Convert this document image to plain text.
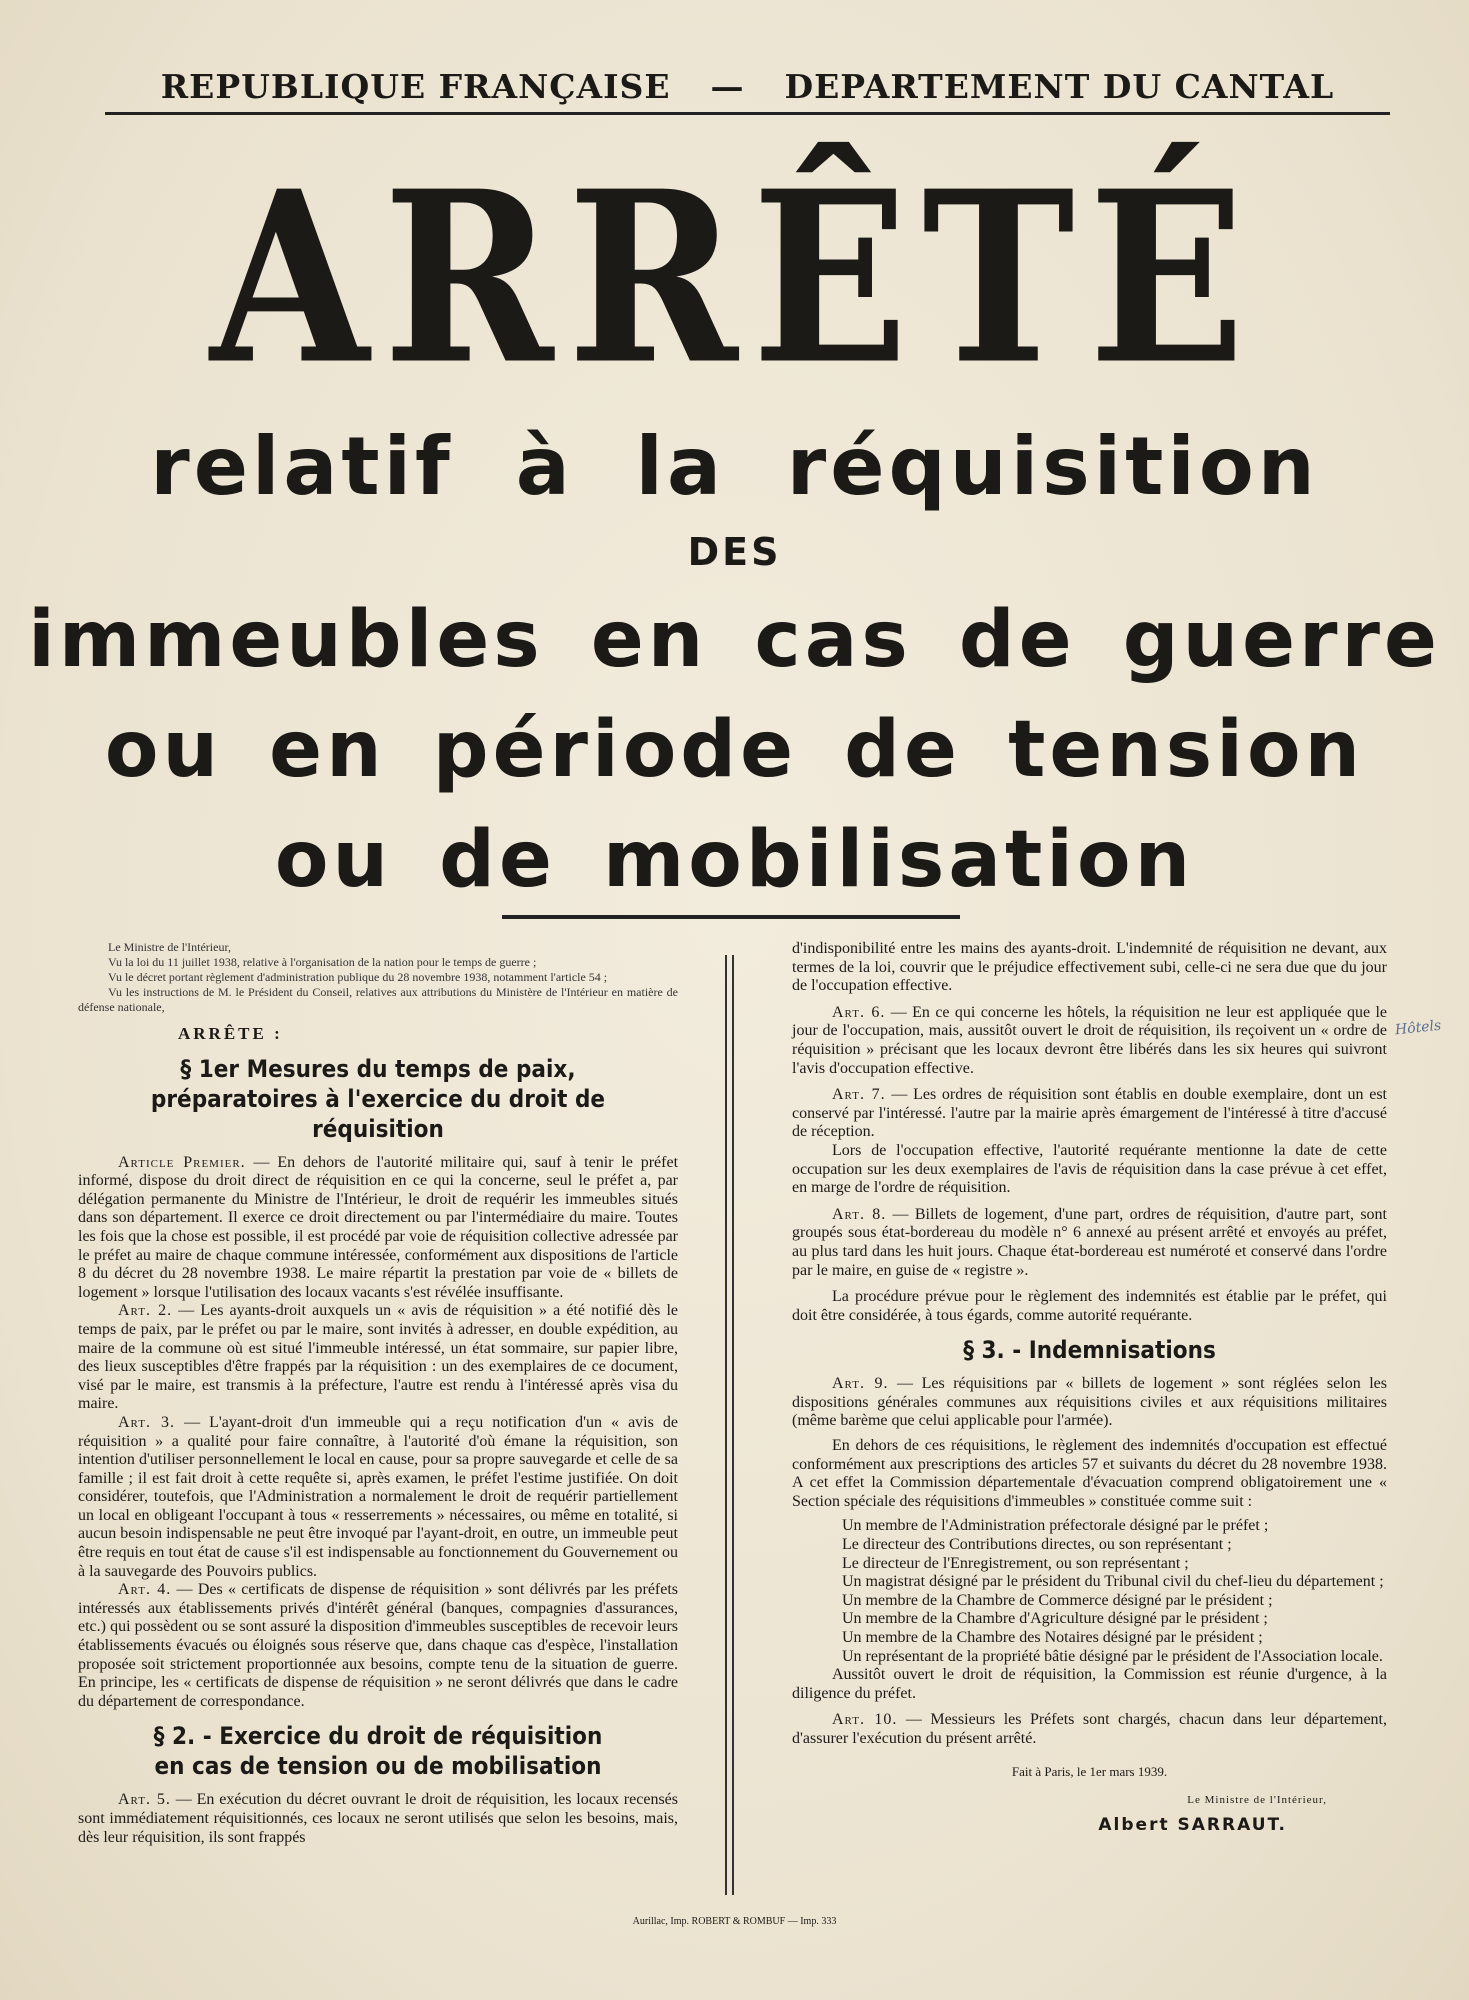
REPUBLIQUE FRANÇAISE — DEPARTEMENT DU CANTAL
ARRÊTÉ
relatif à la réquisition
DES
immeubles en cas de guerre
ou en période de tension
ou de mobilisation

Le Ministre de l'Intérieur,

Vu la loi du 11 juillet 1938, relative à l'organisation de la nation pour le temps de guerre ;

Vu le décret portant règlement d'administration publique du 28 novembre 1938, notamment l'article 54 ;

Vu les instructions de M. le Président du Conseil, relatives aux attributions du Ministère de l'Intérieur en matière de défense nationale,

ARRÊTE :
§ 1er Mesures du temps de paix,
préparatoires à l'exercice du droit de réquisition

Article Premier. — En dehors de l'autorité militaire qui, sauf à tenir le préfet informé, dispose du droit direct de réquisition en ce qui la concerne, seul le préfet a, par délégation permanente du Ministre de l'Intérieur, le droit de requérir les immeubles situés dans son département. Il exerce ce droit directement ou par l'intermédiaire du maire. Toutes les fois que la chose est possible, il est procédé par voie de réquisition collective adressée par le préfet au maire de chaque commune intéressée, conformément aux dispositions de l'article 8 du décret du 28 novembre 1938. Le maire répartit la prestation par voie de « billets de logement » lorsque l'utilisation des locaux vacants s'est révélée insuffisante.

Art. 2. — Les ayants-droit auxquels un « avis de réquisition » a été notifié dès le temps de paix, par le préfet ou par le maire, sont invités à adresser, en double expédition, au maire de la commune où est situé l'immeuble intéressé, un état sommaire, sur papier libre, des lieux susceptibles d'être frappés par la réquisition : un des exemplaires de ce document, visé par le maire, est transmis à la préfecture, l'autre est rendu à l'intéressé après visa du maire.

Art. 3. — L'ayant-droit d'un immeuble qui a reçu notification d'un « avis de réquisition » a qualité pour faire connaître, à l'autorité d'où émane la réquisition, son intention d'utiliser personnellement le local en cause, pour sa propre sauvegarde et celle de sa famille ; il est fait droit à cette requête si, après examen, le préfet l'estime justifiée. On doit considérer, toutefois, que l'Administration a normalement le droit de requérir partiellement un local en obligeant l'occupant à tous « resserrements » nécessaires, ou même en totalité, si aucun besoin indispensable ne peut être invoqué par l'ayant-droit, en outre, un immeuble peut être requis en tout état de cause s'il est indispensable au fonctionnement du Gouvernement ou à la sauvegarde des Pouvoirs publics.

Art. 4. — Des « certificats de dispense de réquisition » sont délivrés par les préfets intéressés aux établissements privés d'intérêt général (banques, compagnies d'assurances, etc.) qui possèdent ou se sont assuré la disposition d'immeubles susceptibles de recevoir leurs établissements évacués ou éloignés sous réserve que, dans chaque cas d'espèce, l'installation proposée soit strictement proportionnée aux besoins, compte tenu de la situation de guerre. En principe, les « certificats de dispense de réquisition » ne seront délivrés que dans le cadre du département de correspondance.

§ 2. - Exercice du droit de réquisition
en cas de tension ou de mobilisation

Art. 5. — En exécution du décret ouvrant le droit de réquisition, les locaux recensés sont immédiatement réquisitionnés, ces locaux ne seront utilisés que selon les besoins, mais, dès leur réquisition, ils sont frappés

d'indisponibilité entre les mains des ayants-droit. L'indemnité de réquisition ne devant, aux termes de la loi, couvrir que le préjudice effectivement subi, celle-ci ne sera due que du jour de l'occupation effective.

Art. 6. — En ce qui concerne les hôtels, la réquisition ne leur est appliquée que le jour de l'occupation, mais, aussitôt ouvert le droit de réquisition, ils reçoivent un « ordre de réquisition » précisant que les locaux devront être libérés dans les six heures qui suivront l'avis d'occupation effective.

Art. 7. — Les ordres de réquisition sont établis en double exemplaire, dont un est conservé par l'intéressé. l'autre par la mairie après émargement de l'intéressé à titre d'accusé de réception.

Lors de l'occupation effective, l'autorité requérante mentionne la date de cette occupation sur les deux exemplaires de l'avis de réquisition dans la case prévue à cet effet, en marge de l'ordre de réquisition.

Art. 8. — Billets de logement, d'une part, ordres de réquisition, d'autre part, sont groupés sous état-bordereau du modèle n° 6 annexé au présent arrêté et envoyés au préfet, au plus tard dans les huit jours. Chaque état-bordereau est numéroté et conservé dans l'ordre par le maire, en guise de « registre ».

La procédure prévue pour le règlement des indemnités est établie par le préfet, qui doit être considérée, à tous égards, comme autorité requérante.

§ 3. - Indemnisations

Art. 9. — Les réquisitions par « billets de logement » sont réglées selon les dispositions générales communes aux réquisitions civiles et aux réquisitions militaires (même barème que celui applicable pour l'armée).

En dehors de ces réquisitions, le règlement des indemnités d'occupation est effectué conformément aux prescriptions des articles 57 et suivants du décret du 28 novembre 1938. A cet effet la Commission départementale d'évacuation comprend obligatoirement une « Section spéciale des réquisitions d'immeubles » constituée comme suit :

Un membre de l'Administration préfectorale désigné par le préfet ;

Le directeur des Contributions directes, ou son représentant ;

Le directeur de l'Enregistrement, ou son représentant ;

Un magistrat désigné par le président du Tribunal civil du chef-lieu du département ;

Un membre de la Chambre de Commerce désigné par le président ;

Un membre de la Chambre d'Agriculture désigné par le président ;

Un membre de la Chambre des Notaires désigné par le président ;

Un représentant de la propriété bâtie désigné par le président de l'Association locale.

Aussitôt ouvert le droit de réquisition, la Commission est réunie d'urgence, à la diligence du préfet.

Art. 10. — Messieurs les Préfets sont chargés, chacun dans leur département, d'assurer l'exécution du présent arrêté.

Fait à Paris, le 1er mars 1939.
Le Ministre de l'Intérieur,
Albert SARRAUT.
Hôtels
Aurillac, Imp. ROBERT & ROMBUF — Imp. 333
